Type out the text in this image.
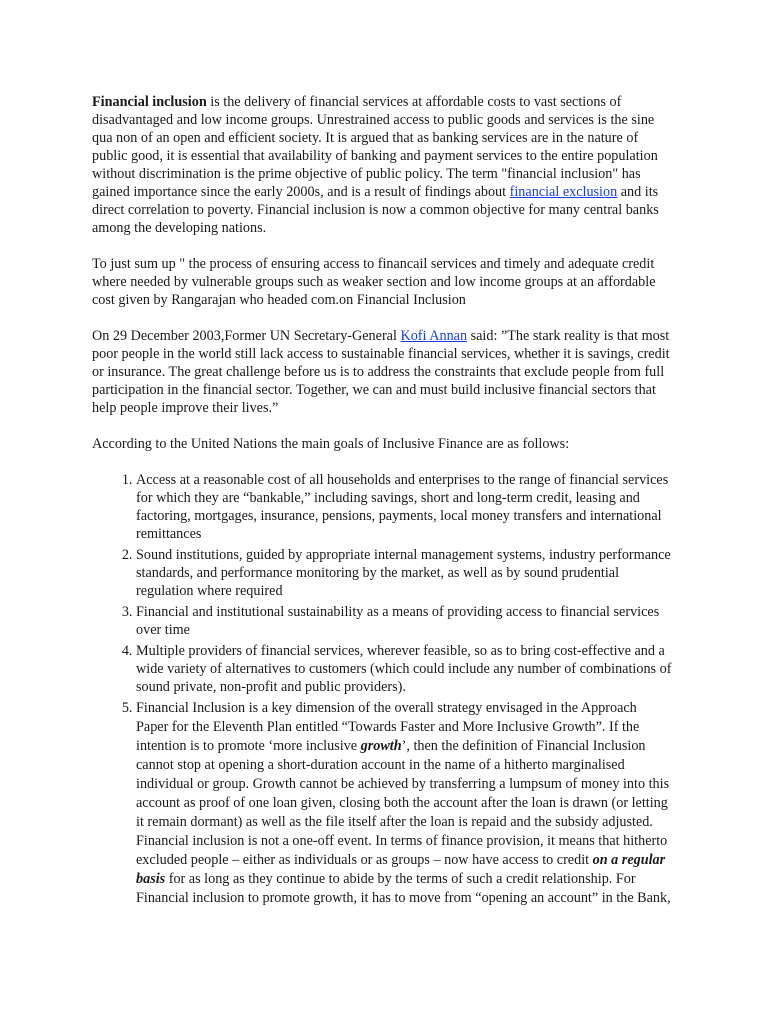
Financial inclusion is the delivery of financial services at affordable costs to vast sections of disadvantaged and low income groups. Unrestrained access to public goods and services is the sine qua non of an open and efficient society. It is argued that as banking services are in the nature of public good, it is essential that availability of banking and payment services to the entire population without discrimination is the prime objective of public policy. The term "financial inclusion" has gained importance since the early 2000s, and is a result of findings about financial exclusion and its direct correlation to poverty. Financial inclusion is now a common objective for many central banks among the developing nations.

To just sum up " the process of ensuring access to financail services and timely and adequate credit where needed by vulnerable groups such as weaker section and low income groups at an affordable cost given by Rangarajan who headed com.on Financial Inclusion

On 29 December 2003,Former UN Secretary-General Kofi Annan said: ”The stark reality is that most poor people in the world still lack access to sustainable financial services, whether it is savings, credit or insurance. The great challenge before us is to address the constraints that exclude people from full participation in the financial sector. Together, we can and must build inclusive financial sectors that help people improve their lives.”

According to the United Nations the main goals of Inclusive Finance are as follows:

1. Access at a reasonable cost of all households and enterprises to the range of financial services for which they are “bankable,” including savings, short and long-term credit, leasing and factoring, mortgages, insurance, pensions, payments, local money transfers and international remittances
2. Sound institutions, guided by appropriate internal management systems, industry performance standards, and performance monitoring by the market, as well as by sound prudential regulation where required
3. Financial and institutional sustainability as a means of providing access to financial services over time
4. Multiple providers of financial services, wherever feasible, so as to bring cost-effective and a wide variety of alternatives to customers (which could include any number of combinations of sound private, non-profit and public providers).
5. Financial Inclusion is a key dimension of the overall strategy envisaged in the Approach Paper for the Eleventh Plan entitled “Towards Faster and More Inclusive Growth”. If the intention is to promote ‘more inclusive growth’, then the definition of Financial Inclusion cannot stop at opening a short-duration account in the name of a hitherto marginalised individual or group. Growth cannot be achieved by transferring a lumpsum of money into this account as proof of one loan given, closing both the account after the loan is drawn (or letting it remain dormant) as well as the file itself after the loan is repaid and the subsidy adjusted. Financial inclusion is not a one-off event. In terms of finance provision, it means that hitherto excluded people – either as individuals or as groups – now have access to credit on a regular basis for as long as they continue to abide by the terms of such a credit relationship. For Financial inclusion to promote growth, it has to move from “opening an account” in the Bank,
